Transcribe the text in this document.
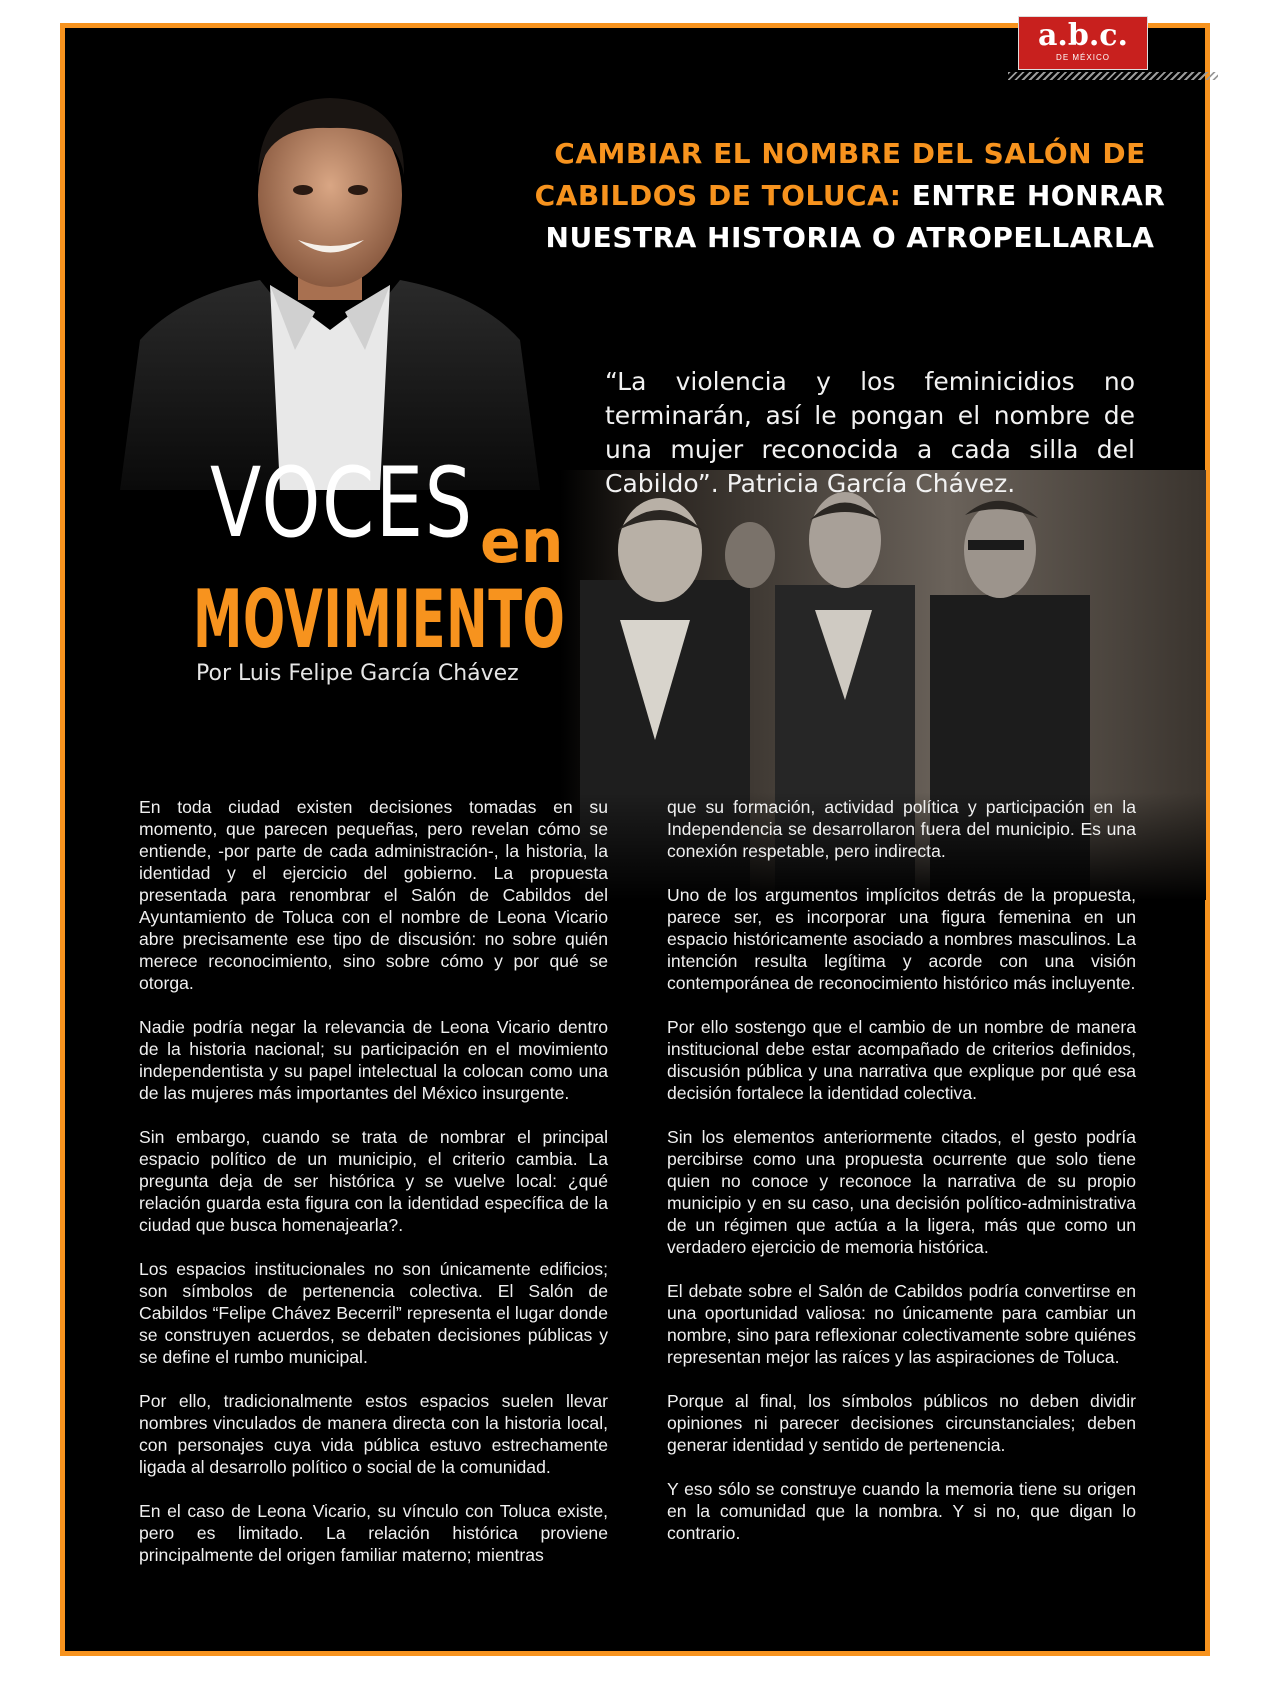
a.b.c.
DE MÉXICO
VOCES en
MOVIMIENTO
Por Luis Felipe García Chávez
CAMBIAR EL NOMBRE DEL SALÓN DE CABILDOS DE TOLUCA: ENTRE HONRAR NUESTRA HISTORIA O ATROPELLARLA
“La violencia y los feminicidios no terminarán, así le pongan el nombre de una mujer reconocida a cada silla del Cabildo”. Patricia García Chávez.

En toda ciudad existen decisiones tomadas en su momento, que parecen pequeñas, pero revelan cómo se entiende, -por parte de cada administración-, la historia, la identidad y el ejercicio del gobierno. La propuesta presentada para renombrar el Salón de Cabildos del Ayuntamiento de Toluca con el nombre de Leona Vicario abre precisamente ese tipo de discusión: no sobre quién merece reconocimiento, sino sobre cómo y por qué se otorga.

Nadie podría negar la relevancia de Leona Vicario dentro de la historia nacional; su participación en el movimiento independentista y su papel intelectual la colocan como una de las mujeres más importantes del México insurgente.

Sin embargo, cuando se trata de nombrar el principal espacio político de un municipio, el criterio cambia. La pregunta deja de ser histórica y se vuelve local: ¿qué relación guarda esta figura con la identidad específica de la ciudad que busca homenajearla?.

Los espacios institucionales no son únicamente edificios; son símbolos de pertenencia colectiva. El Salón de Cabildos “Felipe Chávez Becerril” representa el lugar donde se construyen acuerdos, se debaten decisiones públicas y se define el rumbo municipal.

Por ello, tradicionalmente estos espacios suelen llevar nombres vinculados de manera directa con la historia local, con personajes cuya vida pública estuvo estrechamente ligada al desarrollo político o social de la comunidad.

En el caso de Leona Vicario, su vínculo con Toluca existe, pero es limitado. La relación histórica proviene principalmente del origen familiar materno; mientras

que su formación, actividad política y participación en la Independencia se desarrollaron fuera del municipio. Es una conexión respetable, pero indirecta.

Uno de los argumentos implícitos detrás de la propuesta, parece ser, es incorporar una figura femenina en un espacio históricamente asociado a nombres masculinos. La intención resulta legítima y acorde con una visión contemporánea de reconocimiento histórico más incluyente.

Por ello sostengo que el cambio de un nombre de manera institucional debe estar acompañado de criterios definidos, discusión pública y una narrativa que explique por qué esa decisión fortalece la identidad colectiva.

Sin los elementos anteriormente citados, el gesto podría percibirse como una propuesta ocurrente que solo tiene quien no conoce y reconoce la narrativa de su propio municipio y en su caso, una decisión político-administrativa de un régimen que actúa a la ligera, más que como un verdadero ejercicio de memoria histórica.

El debate sobre el Salón de Cabildos podría convertirse en una oportunidad valiosa: no únicamente para cambiar un nombre, sino para reflexionar colectivamente sobre quiénes representan mejor las raíces y las aspiraciones de Toluca.

Porque al final, los símbolos públicos no deben dividir opiniones ni parecer decisiones circunstanciales; deben generar identidad y sentido de pertenencia.

Y eso sólo se construye cuando la memoria tiene su origen en la comunidad que la nombra. Y si no, que digan lo contrario.
